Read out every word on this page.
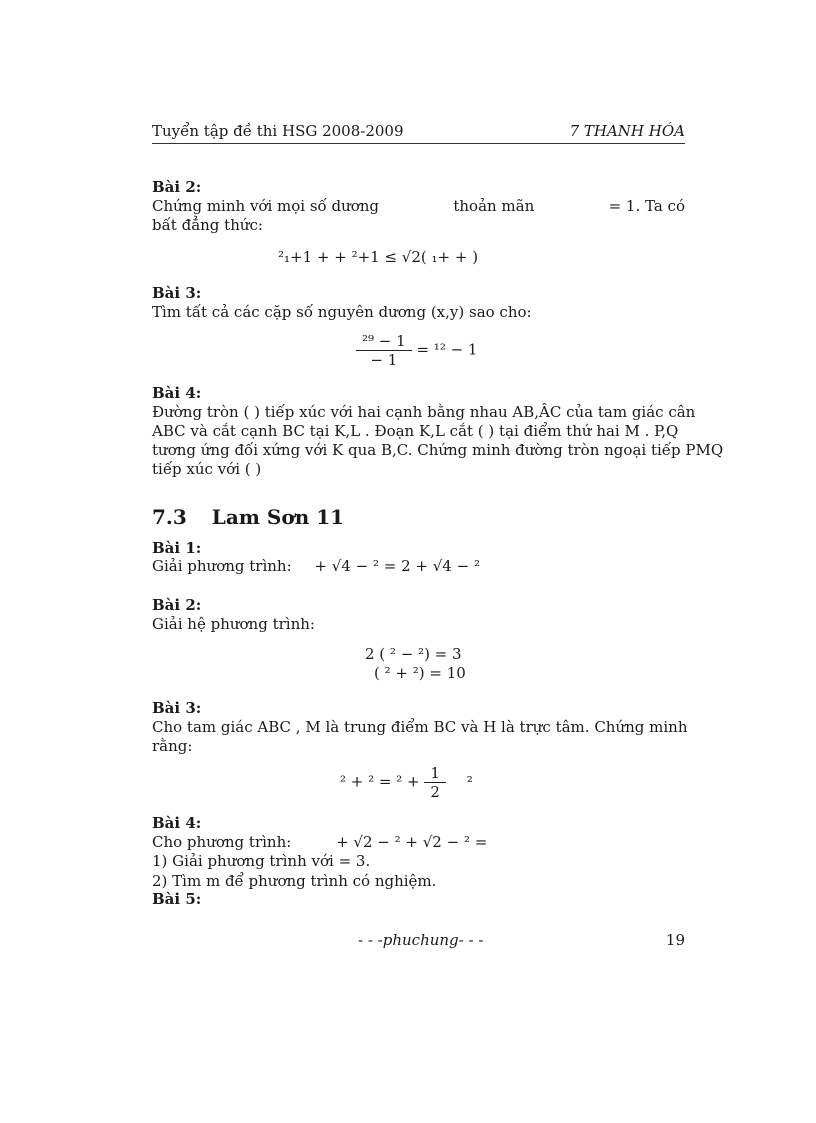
Tuyển tập đề thi HSG 2008-2009	7 THANH HÓA
Bài 2:
Chứng minh với mọi số dương	thoản mãn	= 1. Ta có
bất đẳng thức:
²₁+1 + + ²+1 ≤ √2( ₁+ + )
Bài 3:
Tìm tất cả các cặp số nguyên dương (x,y) sao cho:
$\frac{\text{²⁹ − 1}}{- 1} = ^{12} - 1$
Bài 4:
Đường tròn ( ) tiếp xúc với hai cạnh bằng nhau AB,ÂC của tam giác cân
ABC và cắt cạnh BC tại K,L . Đoạn K,L cắt ( ) tại điểm thứ hai M . P,Q
tương ứng đối xứng với K qua B,C. Chứng minh đường tròn ngoại tiếp PMQ
tiếp xúc với ( )
7.3 Lam Sơn 11
Bài 1:
Giải phương trình: + √4 − ² = 2 + √4 − ²
Bài 2:
Giải hệ phương trình:
2 ( ² − ²) = 3
( ² + ²) = 10
Bài 3:
Cho tam giác ABC , M là trung điểm BC và H là trực tâm. Chứng minh
rằng:
$^2 + ^2 = ^2 + \frac{1}{2} ^2$
Bài 4:
Cho phương trình:	+ √2 − ² + √2 − ² =
1) Giải phương trình với = 3.
2) Tìm m để phương trình có nghiệm.
Bài 5:
- - -phuchung- - -	19
